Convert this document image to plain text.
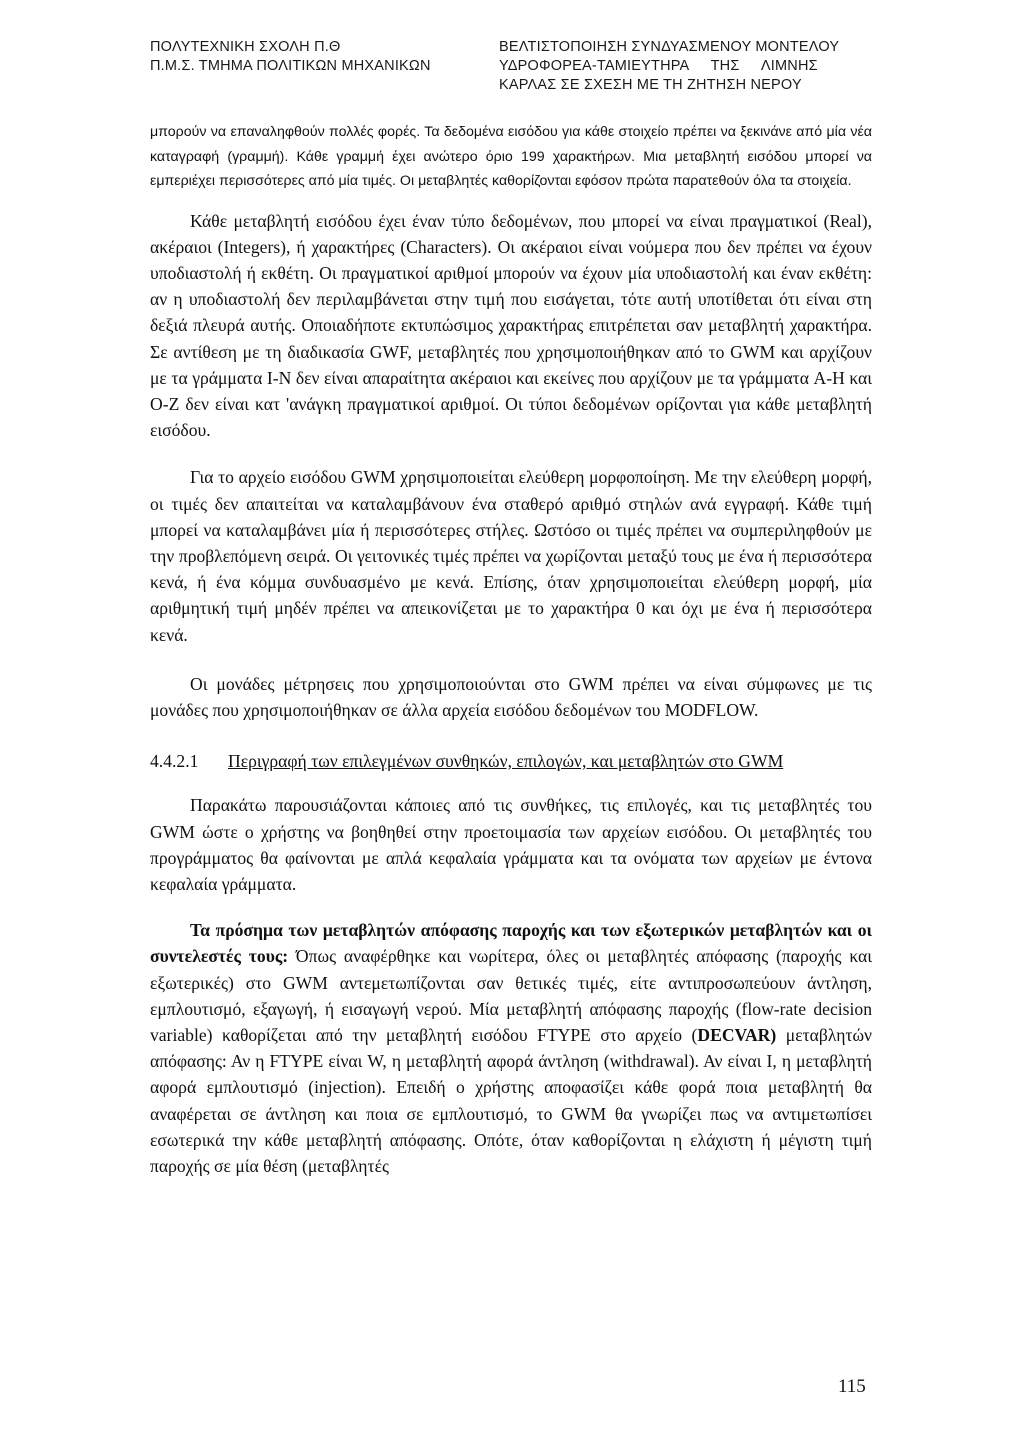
ΠΟΛΥΤΕΧΝΙΚΗ ΣΧΟΛΗ Π.Θ
Π.Μ.Σ. ΤΜΗΜΑ ΠΟΛΙΤΙΚΩΝ ΜΗΧΑΝΙΚΩΝ
ΒΕΛΤΙΣΤΟΠΟΙΗΣΗ ΣΥΝΔΥΑΣΜΕΝΟΥ ΜΟΝΤΕΛΟΥ
ΥΔΡΟΦΟΡΕΑ-ΤΑΜΙΕΥΤΗΡΑ ΤΗΣ ΛΙΜΝΗΣ
ΚΑΡΛΑΣ ΣΕ ΣΧΕΣΗ ΜΕ ΤΗ ΖΗΤΗΣΗ ΝΕΡΟΥ

μπορούν να επαναληφθούν πολλές φορές. Τα δεδομένα εισόδου για κάθε στοιχείο πρέπει να ξεκινάνε από μία νέα καταγραφή (γραμμή). Κάθε γραμμή έχει ανώτερο όριο 199 χαρακτήρων. Μια μεταβλητή εισόδου μπορεί να εμπεριέχει περισσότερες από μία τιμές. Οι μεταβλητές καθορίζονται εφόσον πρώτα παρατεθούν όλα τα στοιχεία.

Κάθε μεταβλητή εισόδου έχει έναν τύπο δεδομένων, που μπορεί να είναι πραγματικοί (Real), ακέραιοι (Integers), ή χαρακτήρες (Characters). Οι ακέραιοι είναι νούμερα που δεν πρέπει να έχουν υποδιαστολή ή εκθέτη. Οι πραγματικοί αριθμοί μπορούν να έχουν μία υποδιαστολή και έναν εκθέτη: αν η υποδιαστολή δεν περιλαμβάνεται στην τιμή που εισάγεται, τότε αυτή υποτίθεται ότι είναι στη δεξιά πλευρά αυτής. Οποιαδήποτε εκτυπώσιμος χαρακτήρας επιτρέπεται σαν μεταβλητή χαρακτήρα. Σε αντίθεση με τη διαδικασία GWF, μεταβλητές που χρησιμοποιήθηκαν από το GWM και αρχίζουν με τα γράμματα I-N δεν είναι απαραίτητα ακέραιοι και εκείνες που αρχίζουν με τα γράμματα A-H και O-Z δεν είναι κατ 'ανάγκη πραγματικοί αριθμοί. Οι τύποι δεδομένων ορίζονται για κάθε μεταβλητή εισόδου.

Για το αρχείο εισόδου GWM χρησιμοποιείται ελεύθερη μορφοποίηση. Με την ελεύθερη μορφή, οι τιμές δεν απαιτείται να καταλαμβάνουν ένα σταθερό αριθμό στηλών ανά εγγραφή. Κάθε τιμή μπορεί να καταλαμβάνει μία ή περισσότερες στήλες. Ωστόσο οι τιμές πρέπει να συμπεριληφθούν με την προβλεπόμενη σειρά. Οι γειτονικές τιμές πρέπει να χωρίζονται μεταξύ τους με ένα ή περισσότερα κενά, ή ένα κόμμα συνδυασμένο με κενά. Επίσης, όταν χρησιμοποιείται ελεύθερη μορφή, μία αριθμητική τιμή μηδέν πρέπει να απεικονίζεται με το χαρακτήρα 0 και όχι με ένα ή περισσότερα κενά.

Οι μονάδες μέτρησεις που χρησιμοποιούνται στο GWM πρέπει να είναι σύμφωνες με τις μονάδες που χρησιμοποιήθηκαν σε άλλα αρχεία εισόδου δεδομένων του MODFLOW.

4.4.2.1	Περιγραφή των επιλεγμένων συνθηκών, επιλογών, και μεταβλητών στο GWM

Παρακάτω παρουσιάζονται κάποιες από τις συνθήκες, τις επιλογές, και τις μεταβλητές του GWM ώστε ο χρήστης να βοηθηθεί στην προετοιμασία των αρχείων εισόδου. Οι μεταβλητές του προγράμματος θα φαίνονται με απλά κεφαλαία γράμματα και τα ονόματα των αρχείων με έντονα κεφαλαία γράμματα.

Τα πρόσημα των μεταβλητών απόφασης παροχής και των εξωτερικών μεταβλητών και οι συντελεστές τους: Όπως αναφέρθηκε και νωρίτερα, όλες οι μεταβλητές απόφασης (παροχής και εξωτερικές) στο GWM αντεμετωπίζονται σαν θετικές τιμές, είτε αντιπροσωπεύουν άντληση, εμπλουτισμό, εξαγωγή, ή εισαγωγή νερού. Μία μεταβλητή απόφασης παροχής (flow-rate decision variable) καθορίζεται από την μεταβλητή εισόδου FTYPE στο αρχείο (DECVAR) μεταβλητών απόφασης: Αν η FTYPE είναι W, η μεταβλητή αφορά άντληση (withdrawal). Αν είναι I, η μεταβλητή αφορά εμπλουτισμό (injection). Επειδή ο χρήστης αποφασίζει κάθε φορά ποια μεταβλητή θα αναφέρεται σε άντληση και ποια σε εμπλουτισμό, το GWM θα γνωρίζει πως να αντιμετωπίσει εσωτερικά την κάθε μεταβλητή απόφασης. Οπότε, όταν καθορίζονται η ελάχιστη ή μέγιστη τιμή παροχής σε μία θέση (μεταβλητές

115
